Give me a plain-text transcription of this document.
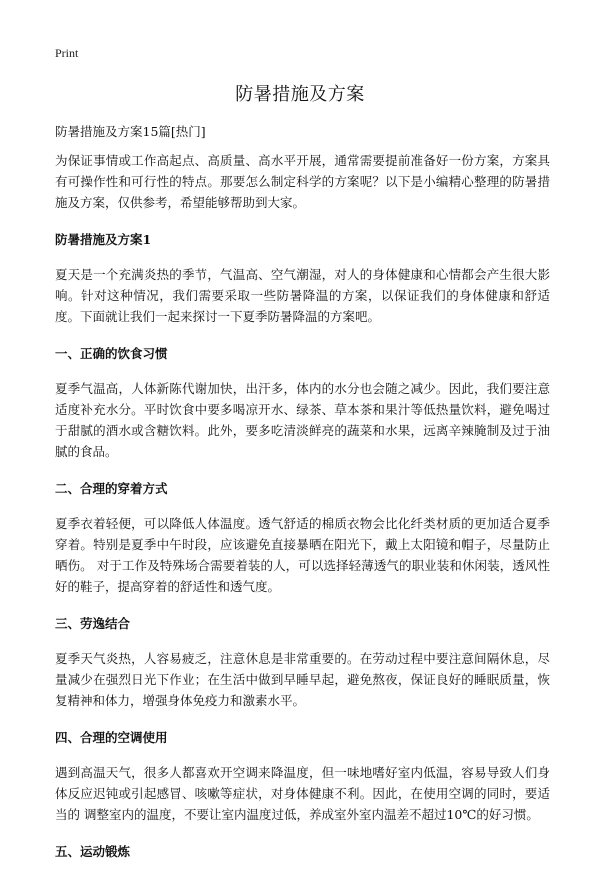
Print
防暑措施及方案

防暑措施及方案15篇[热门]

为保证事情或工作高起点、高质量、高水平开展，通常需要提前准备好一份方案，方案具有可操作性和可行性的特点。那要怎么制定科学的方案呢？以下是小编精心整理的防暑措施及方案，仅供参考，希望能够帮助到大家。

防暑措施及方案1

夏天是一个充满炎热的季节，气温高、空气潮湿，对人的身体健康和心情都会产生很大影响。针对这种情况，我们需要采取一些防暑降温的方案，以保证我们的身体健康和舒适度。下面就让我们一起来探讨一下夏季防暑降温的方案吧。

一、正确的饮食习惯

夏季气温高，人体新陈代谢加快，出汗多，体内的水分也会随之减少。因此，我们要注意适度补充水分。平时饮食中要多喝凉开水、绿茶、草本茶和果汁等低热量饮料，避免喝过于甜腻的酒水或含糖饮料。此外，要多吃清淡鲜亮的蔬菜和水果，远离辛辣腌制及过于油腻的食品。

二、合理的穿着方式

夏季衣着轻便，可以降低人体温度。透气舒适的棉质衣物会比化纤类材质的更加适合夏季穿着。特别是夏季中午时段，应该避免直接暴晒在阳光下，戴上太阳镜和帽子，尽量防止晒伤。 对于工作及特殊场合需要着装的人，可以选择轻薄透气的职业装和休闲装，透风性好的鞋子，提高穿着的舒适性和透气度。

三、劳逸结合

夏季天气炎热，人容易疲乏，注意休息是非常重要的。在劳动过程中要注意间隔休息，尽量减少在强烈日光下作业；在生活中做到早睡早起，避免熬夜，保证良好的睡眠质量，恢复精神和体力，增强身体免疫力和激素水平。

四、合理的空调使用

遇到高温天气，很多人都喜欢开空调来降温度，但一味地嗜好室内低温，容易导致人们身体反应迟钝或引起感冒、咳嗽等症状，对身体健康不利。因此，在使用空调的同时，要适当的 调整室内的温度，不要让室内温度过低，养成室外室内温差不超过10℃的好习惯。

五、运动锻炼
